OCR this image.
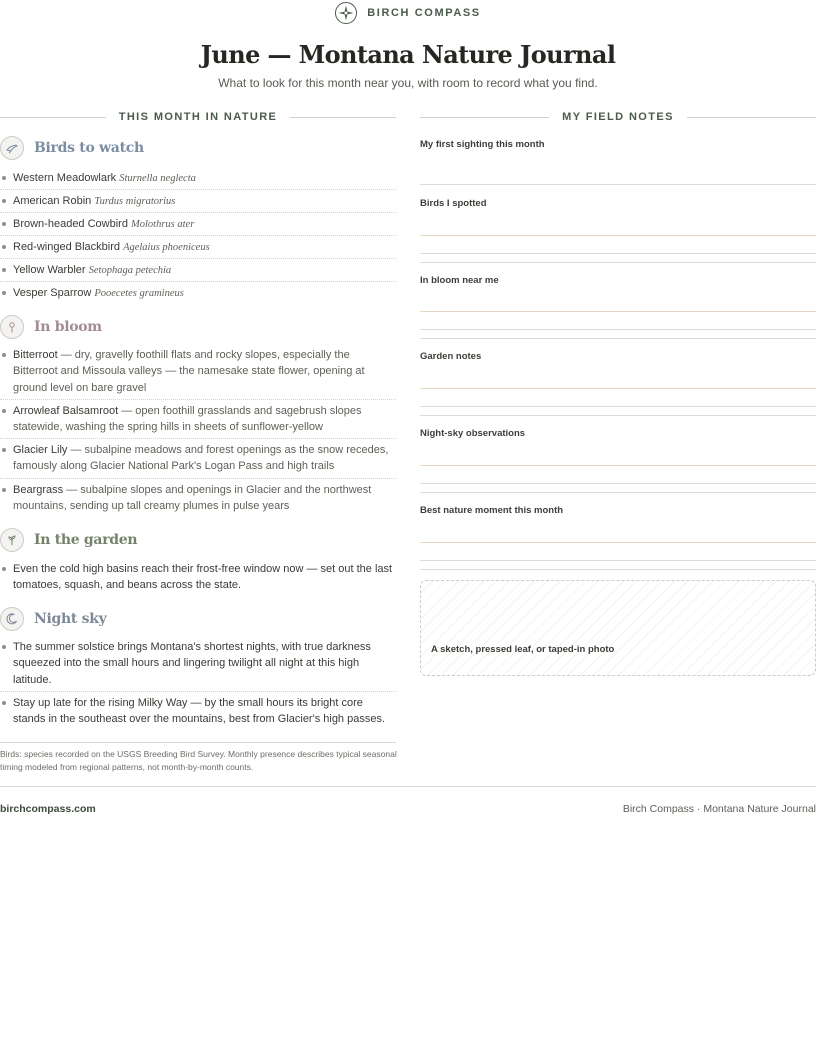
BIRCH COMPASS
June — Montana Nature Journal

What to look for this month near you, with room to record what you find.

THIS MONTH IN NATURE	MY FIELD NOTES
Birds to watch
Western Meadowlark Sturnella neglecta
American Robin Turdus migratorius
Brown-headed Cowbird Molothrus ater
Red-winged Blackbird Agelaius phoeniceus
Yellow Warbler Setophaga petechia
Vesper Sparrow Pooecetes gramineus
In bloom
Bitterroot — dry, gravelly foothill flats and rocky slopes, especially the Bitterroot and Missoula valleys — the namesake state flower, opening at ground level on bare gravel
Arrowleaf Balsamroot — open foothill grasslands and sagebrush slopes statewide, washing the spring hills in sheets of sunflower-yellow
Glacier Lily — subalpine meadows and forest openings as the snow recedes, famously along Glacier National Park's Logan Pass and high trails
Beargrass — subalpine slopes and openings in Glacier and the northwest mountains, sending up tall creamy plumes in pulse years
In the garden
Even the cold high basins reach their frost-free window now — set out the last tomatoes, squash, and beans across the state.
Night sky
The summer solstice brings Montana's shortest nights, with true darkness squeezed into the small hours and lingering twilight all night at this high latitude.
Stay up late for the rising Milky Way — by the small hours its bright core stands in the southeast over the mountains, best from Glacier's high passes.

Birds: species recorded on the USGS Breeding Bird Survey. Monthly presence describes typical seasonal timing modeled from regional patterns, not month-by-month counts.

My first sighting this month
Birds I spotted
In bloom near me
Garden notes
Night-sky observations
Best nature moment this month
A sketch, pressed leaf, or taped-in photo
birchcompass.com	Birch Compass · Montana Nature Journal
